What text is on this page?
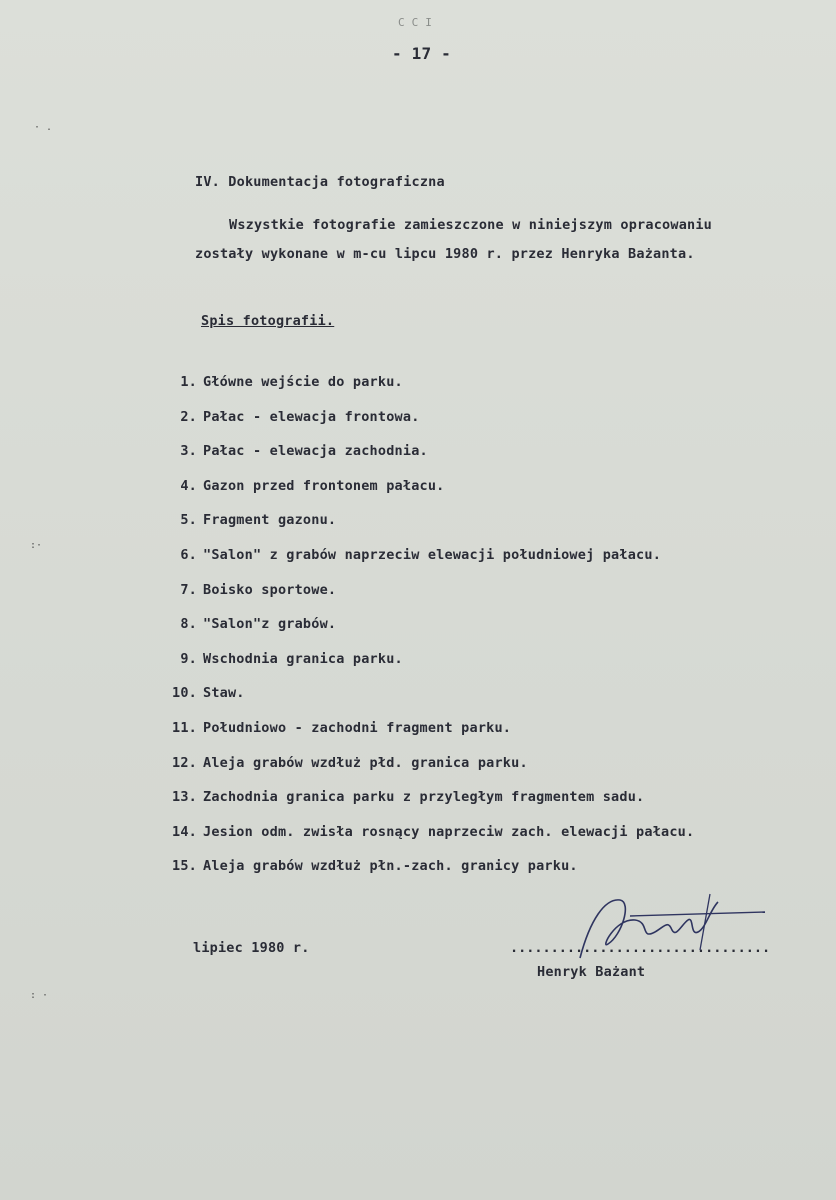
C C I
- 17 -
IV. Dokumentacja fotograficzna
Wszystkie fotografie zamieszczone w niniejszym opracowaniu
zostały wykonane w m-cu lipcu 1980 r. przez Henryka Bażanta.
Spis fotografii.
1. Główne wejście do parku.
2. Pałac - elewacja frontowa.
3. Pałac - elewacja zachodnia.
4. Gazon przed frontonem pałacu.
5. Fragment gazonu.
6. "Salon" z grabów naprzeciw elewacji południowej pałacu.
7. Boisko sportowe.
8. "Salon"z grabów.
9. Wschodnia granica parku.
10. Staw.
11. Południowo - zachodni fragment parku.
12. Aleja grabów wzdłuż płd. granica parku.
13. Zachodnia granica parku z przyległym fragmentem sadu.
14. Jesion odm. zwisła rosnący naprzeciw zach. elewacji pałacu.
15. Aleja grabów wzdłuż płn.-zach. granicy parku.
lipiec 1980 r.	................................
Henryk Bażant
· .
:·
: ·
